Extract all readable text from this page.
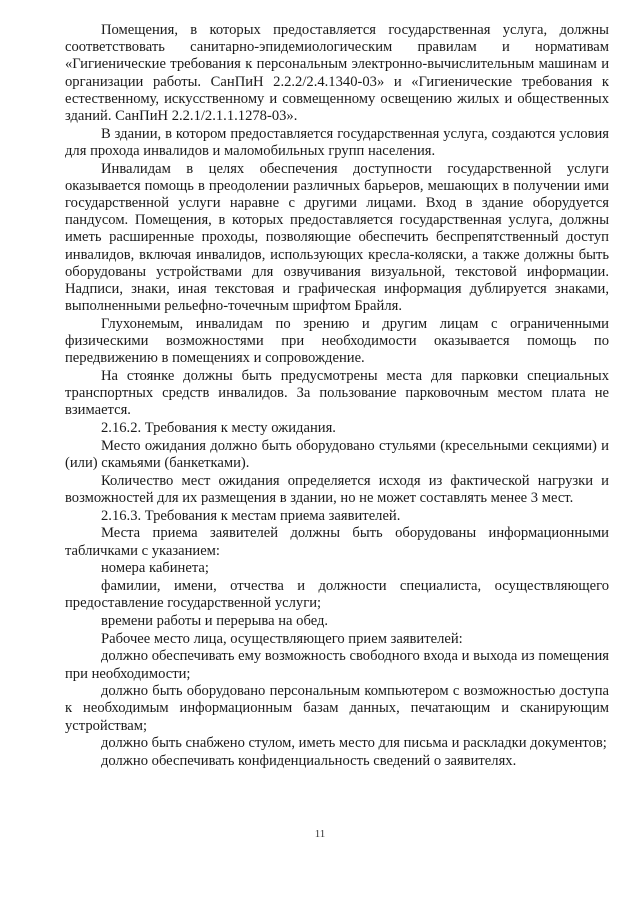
Помещения, в которых предоставляется государственная услуга, должны соответствовать санитарно-эпидемиологическим правилам и нормативам «Гигиенические требования к персональным электронно-вычислительным машинам и организации работы. СанПиН 2.2.2/2.4.1340-03» и «Гигиенические требования к естественному, искусственному и совмещенному освещению жилых и общественных зданий. СанПиН 2.2.1/2.1.1.1278-03».

В здании, в котором предоставляется государственная услуга, создаются условия для прохода инвалидов и маломобильных групп населения.

Инвалидам в целях обеспечения доступности государственной услуги оказывается помощь в преодолении различных барьеров, мешающих в получении ими государственной услуги наравне с другими лицами. Вход в здание оборудуется пандусом. Помещения, в которых предоставляется государственная услуга, должны иметь расширенные проходы, позволяющие обеспечить беспрепятственный доступ инвалидов, включая инвалидов, использующих кресла-коляски, а также должны быть оборудованы устройствами для озвучивания визуальной, текстовой информации. Надписи, знаки, иная текстовая и графическая информация дублируется знаками, выполненными рельефно-точечным шрифтом Брайля.

Глухонемым, инвалидам по зрению и другим лицам с ограниченными физическими возможностями при необходимости оказывается помощь по передвижению в помещениях и сопровождение.

На стоянке должны быть предусмотрены места для парковки специальных транспортных средств инвалидов. За пользование парковочным местом плата не взимается.

2.16.2. Требования к месту ожидания.

Место ожидания должно быть оборудовано стульями (кресельными секциями) и (или) скамьями (банкетками).

Количество мест ожидания определяется исходя из фактической нагрузки и возможностей для их размещения в здании, но не может составлять менее 3 мест.

2.16.3. Требования к местам приема заявителей.

Места приема заявителей должны быть оборудованы информационными табличками с указанием:

номера кабинета;

фамилии, имени, отчества и должности специалиста, осуществляющего предоставление государственной услуги;

времени работы и перерыва на обед.

Рабочее место лица, осуществляющего прием заявителей:

должно обеспечивать ему возможность свободного входа и выхода из помещения при необходимости;

должно быть оборудовано персональным компьютером с возможностью доступа к необходимым информационным базам данных, печатающим и сканирующим устройствам;

должно быть снабжено стулом, иметь место для письма и раскладки документов;

должно обеспечивать конфиденциальность сведений о заявителях.

11
